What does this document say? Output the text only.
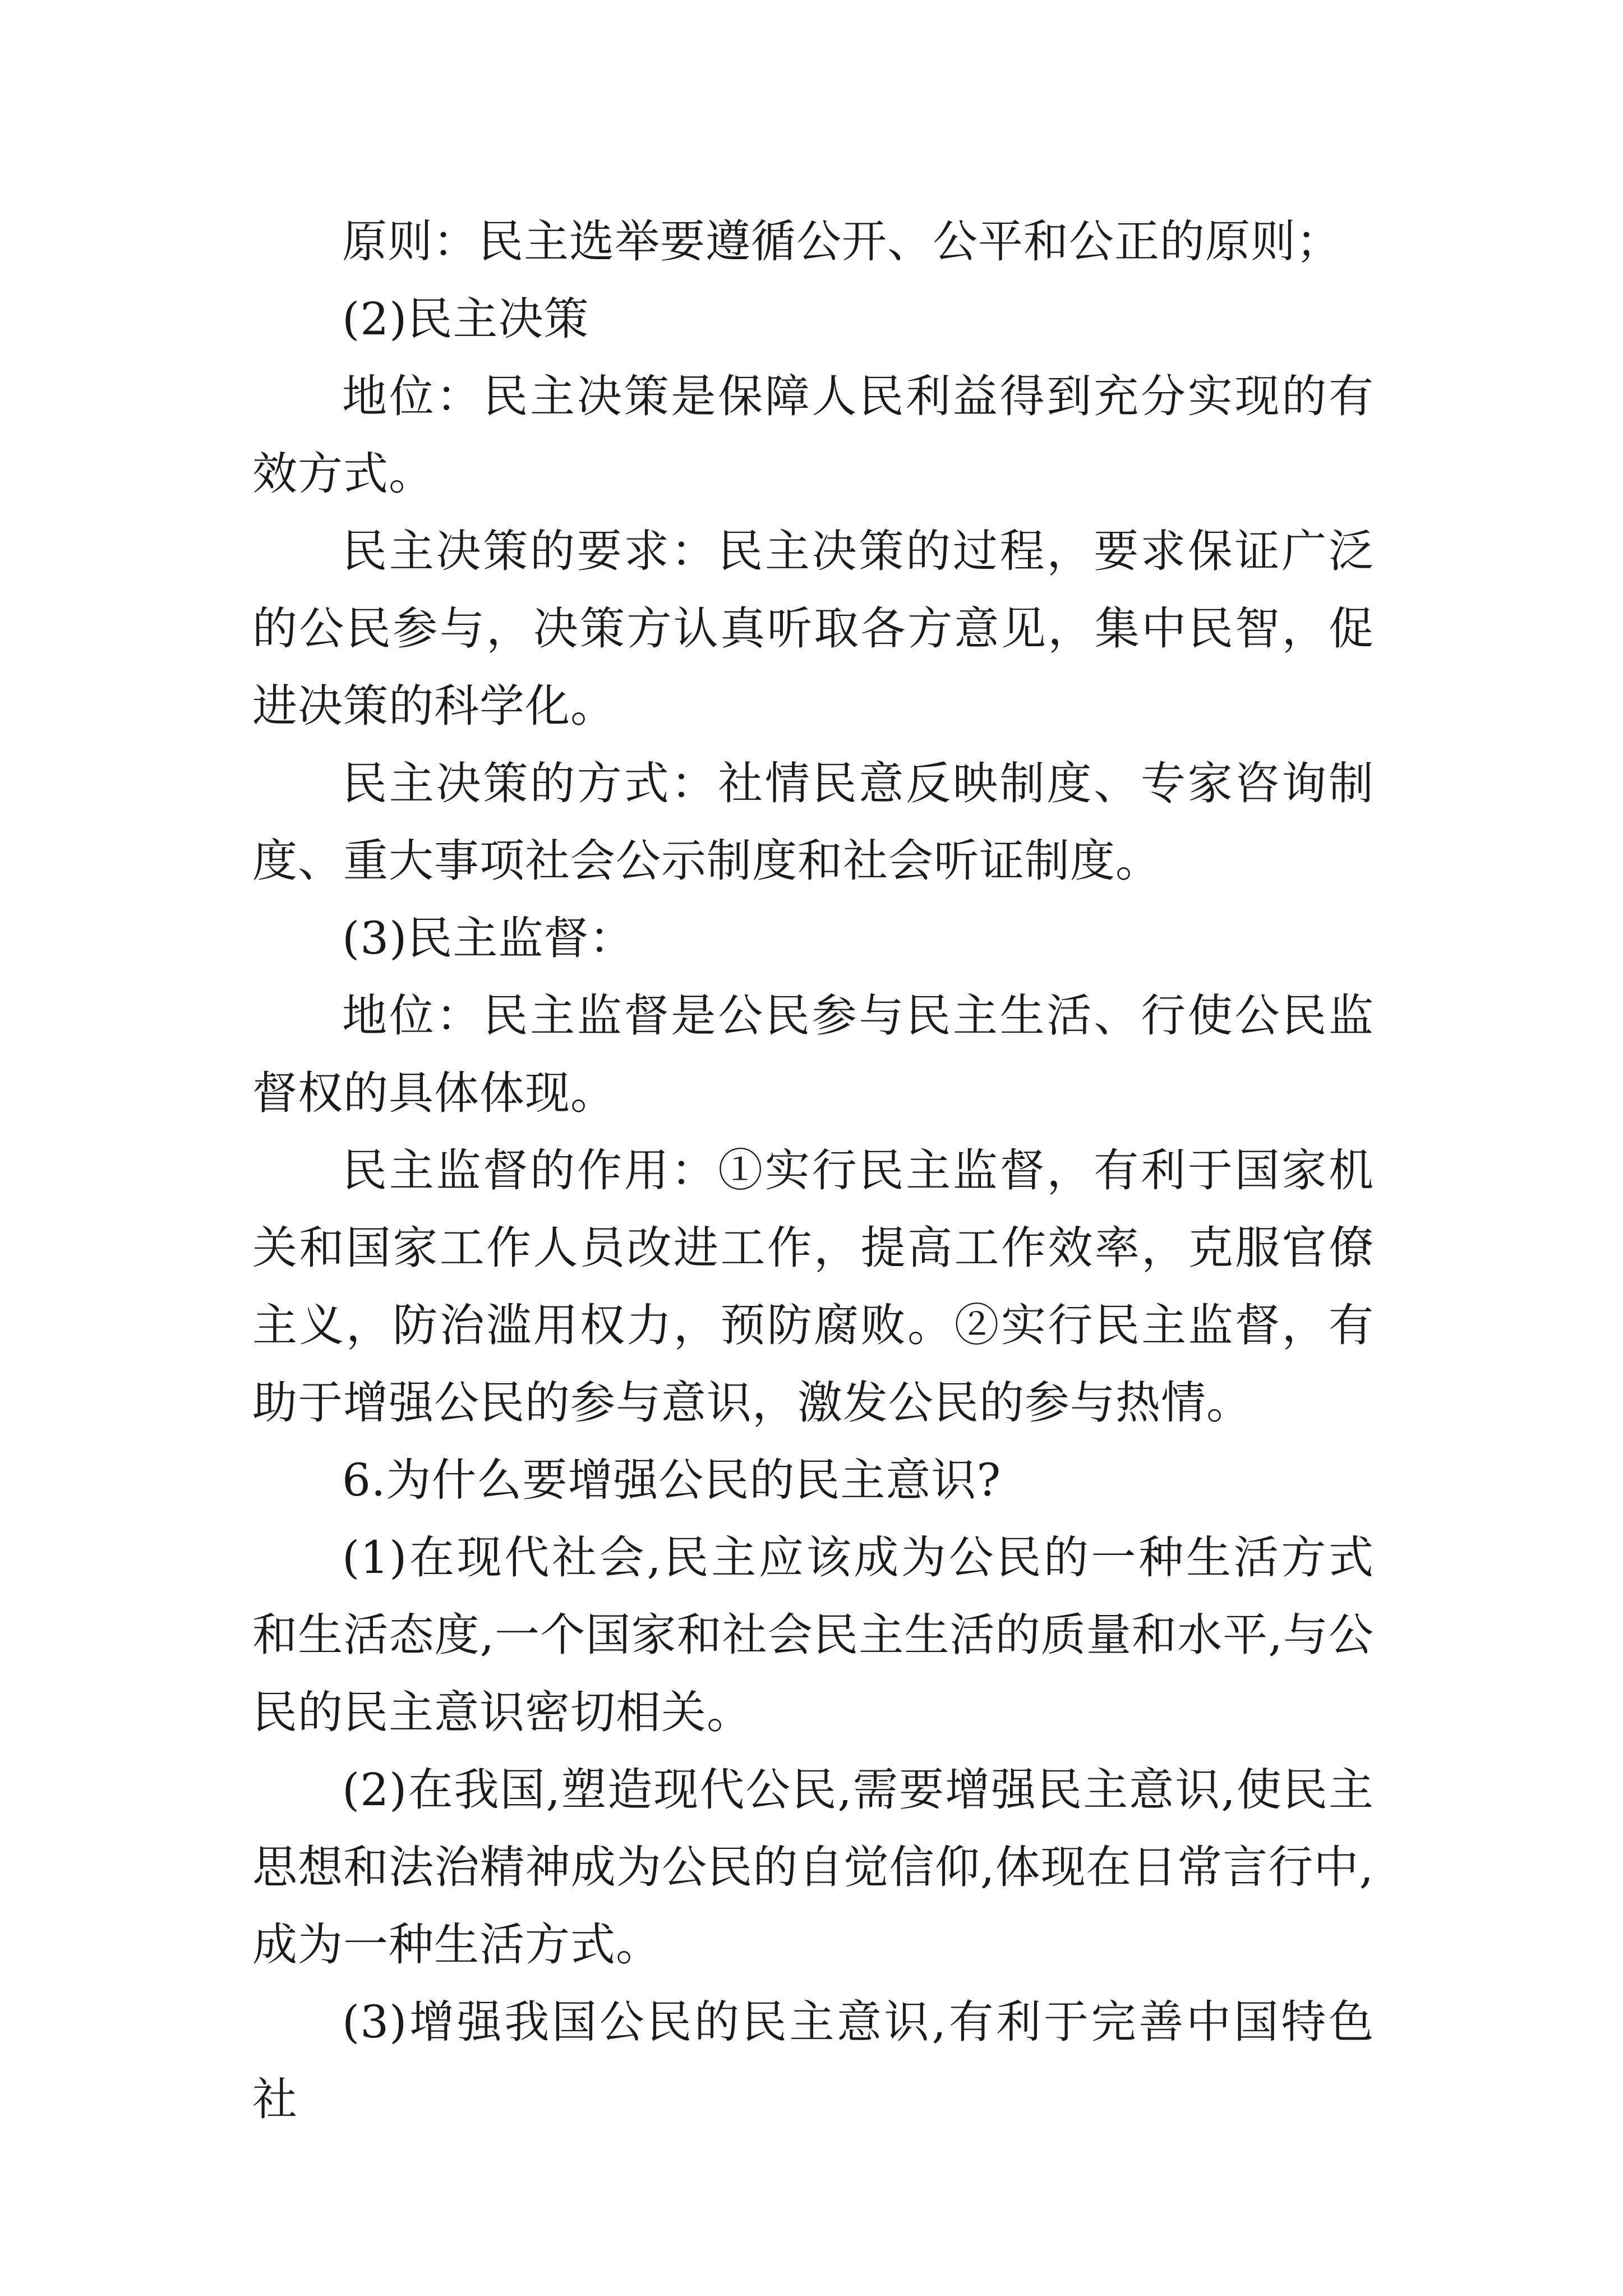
原则：民主选举要遵循公开、公平和公正的原则；

(2)民主决策

地位：民主决策是保障人民利益得到充分实现的有效方式。

民主决策的要求：民主决策的过程，要求保证广泛的公民参与，决策方认真听取各方意见，集中民智，促进决策的科学化。

民主决策的方式：社情民意反映制度、专家咨询制度、重大事项社会公示制度和社会听证制度。

(3)民主监督：

地位：民主监督是公民参与民主生活、行使公民监督权的具体体现。

民主监督的作用：①实行民主监督，有利于国家机关和国家工作人员改进工作，提高工作效率，克服官僚主义，防治滥用权力，预防腐败。②实行民主监督，有助于增强公民的参与意识，激发公民的参与热情。

6.为什么要增强公民的民主意识?

(1)在现代社会,民主应该成为公民的一种生活方式和生活态度,一个国家和社会民主生活的质量和水平,与公民的民主意识密切相关。

(2)在我国,塑造现代公民,需要增强民主意识,使民主思想和法治精神成为公民的自觉信仰,体现在日常言行中,成为一种生活方式。

(3)增强我国公民的民主意识,有利于完善中国特色社
